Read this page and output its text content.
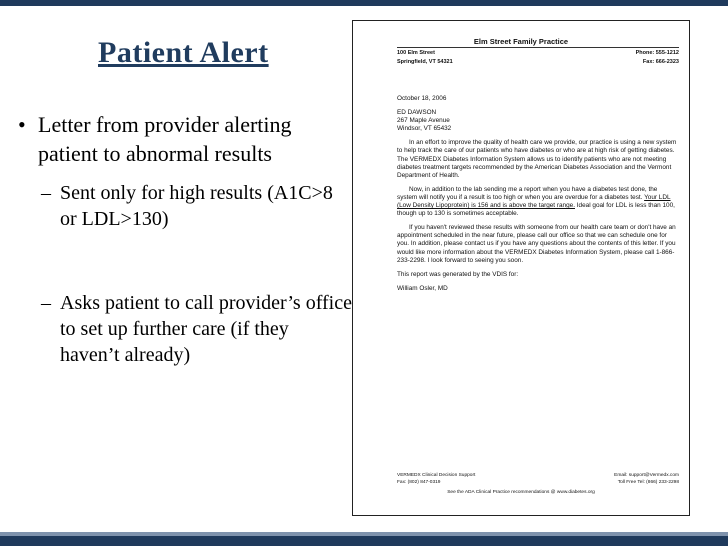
Patient Alert
• Letter from provider alerting patient to abnormal results
– Sent only for high results (A1C>8 or LDL>130)
– Asks patient to call provider’s office to set up further care (if they haven’t already)
Elm Street Family Practice
100 Elm Street
Springfield, VT 54321
Phone: 555-1212
Fax: 666-2323

October 18, 2006

ED DAWSON
267 Maple Avenue
Windsor, VT 65432

In an effort to improve the quality of health care we provide, our practice is using a new system to help track the care of our patients who have diabetes or who are at high risk of getting diabetes. The VERMEDX Diabetes Information System allows us to identify patients who are not meeting diabetes treatment targets recommended by the American Diabetes Association and the Vermont Department of Health.

Now, in addition to the lab sending me a report when you have a diabetes test done, the system will notify you if a result is too high or when you are overdue for a diabetes test. Your LDL (Low Density Lipoprotein) is 156 and is above the target range. Ideal goal for LDL is less than 100, though up to 130 is sometimes acceptable.

If you haven't reviewed these results with someone from our health care team or don't have an appointment scheduled in the near future, please call our office so that we can schedule one for you. In addition, please contact us if you have any questions about the contents of this letter. If you would like more information about the VERMEDX Diabetes Information System, please call 1-866-233-2298. I look forward to seeing you soon.

This report was generated by the VDIS for:

William Osler, MD

VERMEDX Clinical Decision Support
Fax: (802) 847-0319
Email: support@Vermedx.com
Toll Free Tel: (866) 233-2298
See the ADA Clinical Practice recommendations @ www.diabetes.org
